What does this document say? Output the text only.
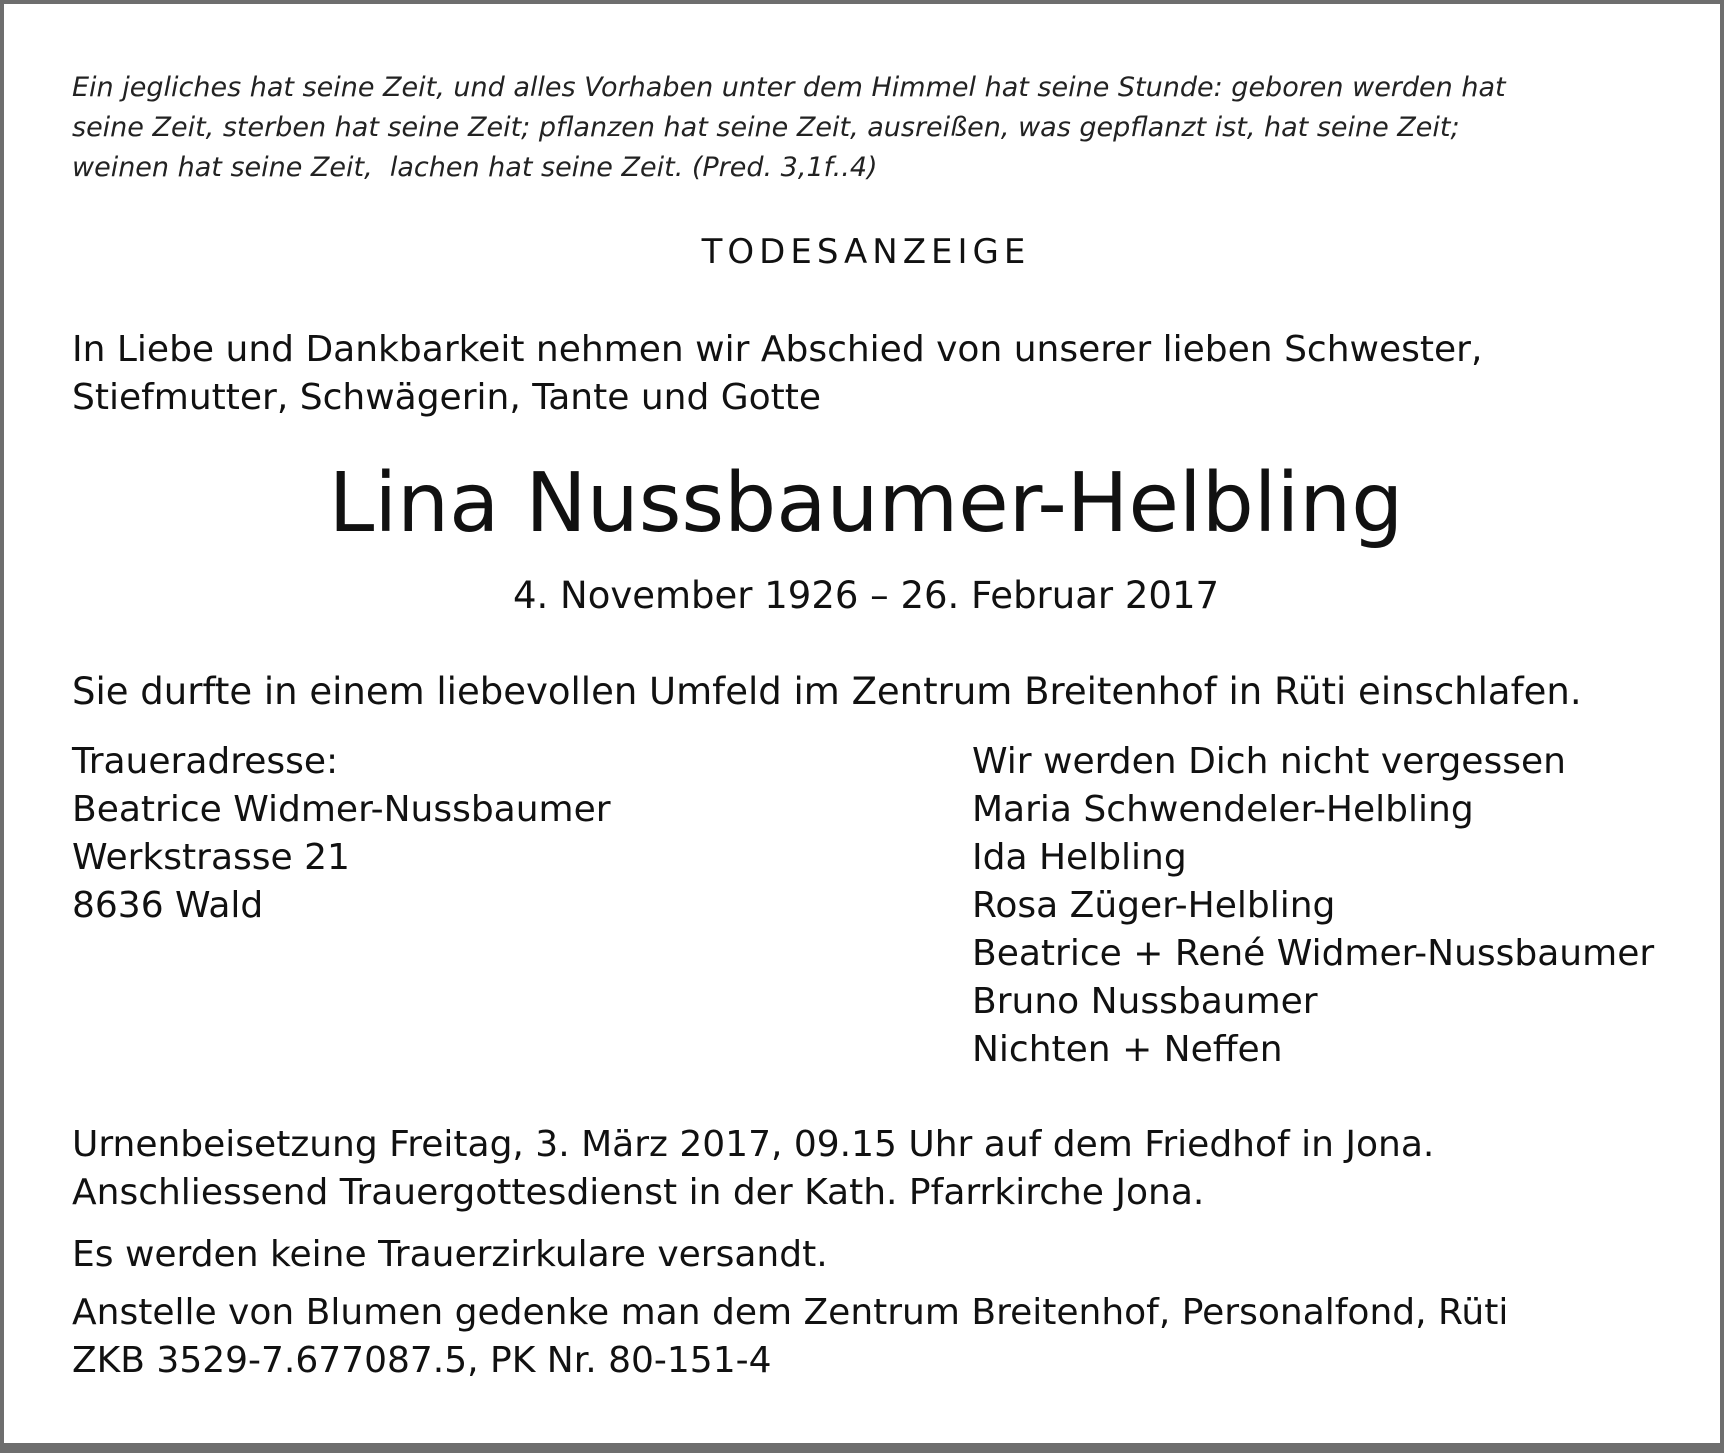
Ein jegliches hat seine Zeit, und alles Vorhaben unter dem Himmel hat seine Stunde: geboren werden hat
seine Zeit, sterben hat seine Zeit; pflanzen hat seine Zeit, ausreißen, was gepflanzt ist, hat seine Zeit;
weinen hat seine Zeit,  lachen hat seine Zeit. (Pred. 3,1f..4)
TODESANZEIGE
In Liebe und Dankbarkeit nehmen wir Abschied von unserer lieben Schwester,
Stiefmutter, Schwägerin, Tante und Gotte
Lina Nussbaumer-Helbling
4. November 1926 – 26. Februar 2017
Sie durfte in einem liebevollen Umfeld im Zentrum Breitenhof in Rüti einschlafen.
Traueradresse:
Beatrice Widmer-Nussbaumer
Werkstrasse 21
8636 Wald
Wir werden Dich nicht vergessen
Maria Schwendeler-Helbling
Ida Helbling
Rosa Züger-Helbling
Beatrice + René Widmer-Nussbaumer
Bruno Nussbaumer
Nichten + Neffen
Urnenbeisetzung Freitag, 3. März 2017, 09.15 Uhr auf dem Friedhof in Jona.
Anschliessend Trauergottesdienst in der Kath. Pfarrkirche Jona.
Es werden keine Trauerzirkulare versandt.
Anstelle von Blumen gedenke man dem Zentrum Breitenhof, Personalfond, Rüti
ZKB 3529-7.677087.5, PK Nr. 80-151-4
